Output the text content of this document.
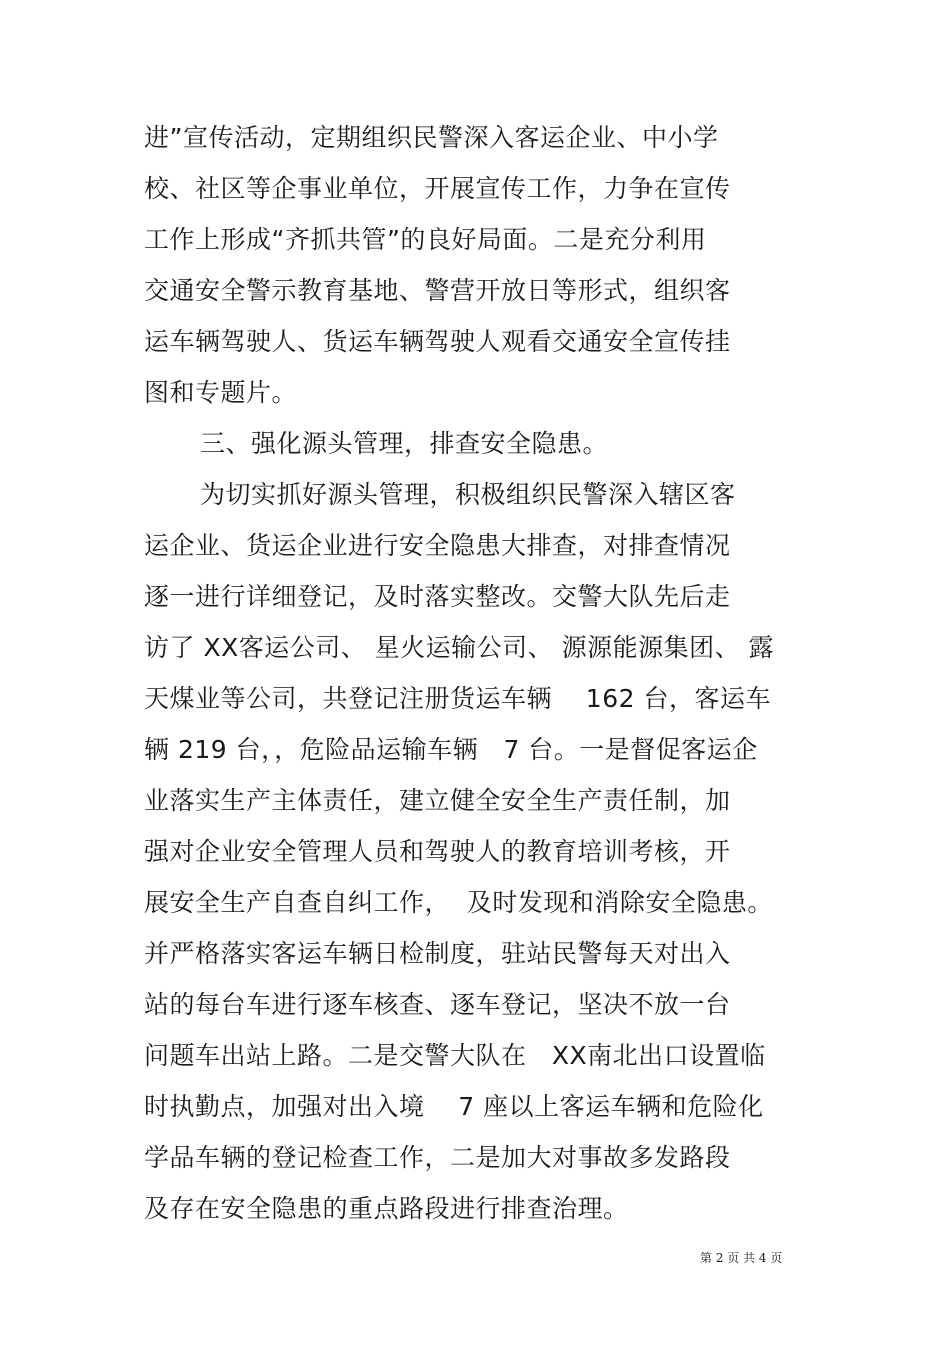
进”宣传活动，定期组织民警深入客运企业、中小学
校、社区等企事业单位，开展宣传工作，力争在宣传
工作上形成“齐抓共管”的良好局面。二是充分利用
交通安全警示教育基地、警营开放日等形式，组织客
运车辆驾驶人、货运车辆驾驶人观看交通安全宣传挂
图和专题片。
三、强化源头管理，排查安全隐患。
为切实抓好源头管理，积极组织民警深入辖区客
运企业、货运企业进行安全隐患大排查，对排查情况
逐一进行详细登记，及时落实整改。交警大队先后走
访了 XX客运公司、 星火运输公司、 源源能源集团、 露
天煤业等公司，共登记注册货运车辆    162 台，客运车
辆 219 台，，危险品运输车辆   7 台。一是督促客运企
业落实生产主体责任，建立健全安全生产责任制，加
强对企业安全管理人员和驾驶人的教育培训考核，开
展安全生产自查自纠工作，  及时发现和消除安全隐患。
并严格落实客运车辆日检制度，驻站民警每天对出入
站的每台车进行逐车核查、逐车登记，坚决不放一台
问题车出站上路。二是交警大队在   XX南北出口设置临
时执勤点，加强对出入境    7 座以上客运车辆和危险化
学品车辆的登记检查工作，二是加大对事故多发路段
及存在安全隐患的重点路段进行排查治理。
第 2 页 共 4 页
